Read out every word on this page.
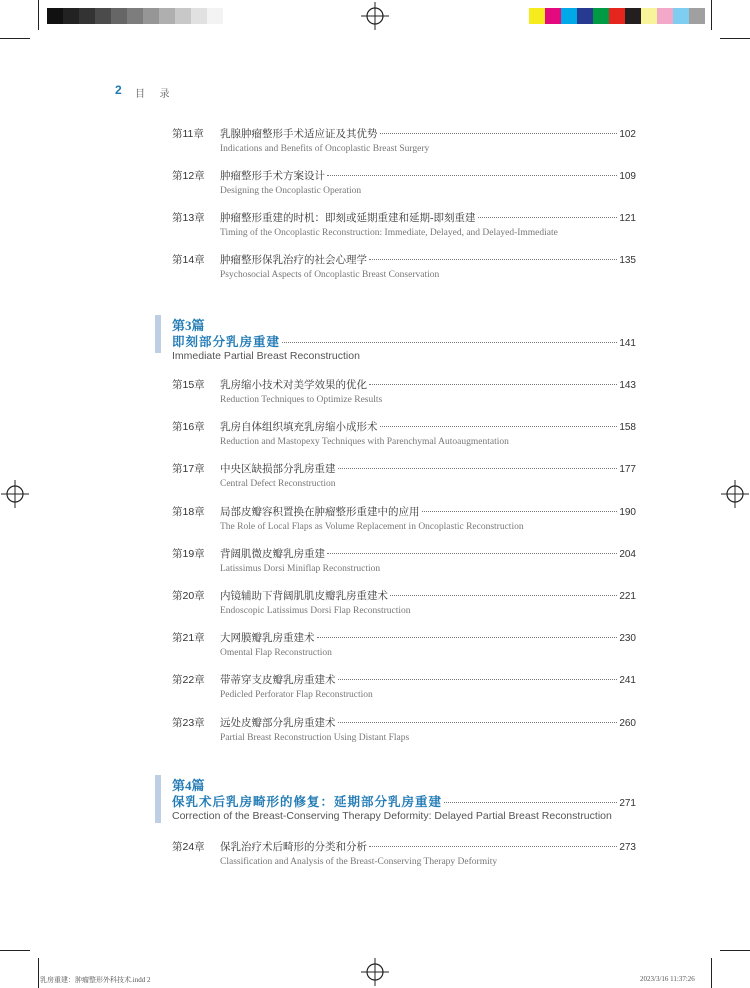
2 目 录
第11章 乳腺肿瘤整形手术适应证及其优势	102
Indications and Benefits of Oncoplastic Breast Surgery
第12章 肿瘤整形手术方案设计	109
Designing the Oncoplastic Operation
第13章 肿瘤整形重建的时机：即刻或延期重建和延期-即刻重建	121
Timing of the Oncoplastic Reconstruction: Immediate, Delayed, and Delayed-Immediate
第14章 肿瘤整形保乳治疗的社会心理学	135
Psychosocial Aspects of Oncoplastic Breast Conservation
第3篇
即刻部分乳房重建	141
Immediate Partial Breast Reconstruction
第15章 乳房缩小技术对美学效果的优化	143
Reduction Techniques to Optimize Results
第16章 乳房自体组织填充乳房缩小成形术	158
Reduction and Mastopexy Techniques with Parenchymal Autoaugmentation
第17章 中央区缺损部分乳房重建	177
Central Defect Reconstruction
第18章 局部皮瓣容积置换在肿瘤整形重建中的应用	190
The Role of Local Flaps as Volume Replacement in Oncoplastic Reconstruction
第19章 背阔肌微皮瓣乳房重建	204
Latissimus Dorsi Miniflap Reconstruction
第20章 内镜辅助下背阔肌肌皮瓣乳房重建术	221
Endoscopic Latissimus Dorsi Flap Reconstruction
第21章 大网膜瓣乳房重建术	230
Omental Flap Reconstruction
第22章 带蒂穿支皮瓣乳房重建术	241
Pedicled Perforator Flap Reconstruction
第23章 远处皮瓣部分乳房重建术	260
Partial Breast Reconstruction Using Distant Flaps
第4篇
保乳术后乳房畸形的修复：延期部分乳房重建	271
Correction of the Breast-Conserving Therapy Deformity: Delayed Partial Breast Reconstruction
第24章 保乳治疗术后畸形的分类和分析	273
Classification and Analysis of the Breast-Conserving Therapy Deformity
乳房重建：肿瘤整形外科技术.indd 2	2023/3/16 11:37:26
